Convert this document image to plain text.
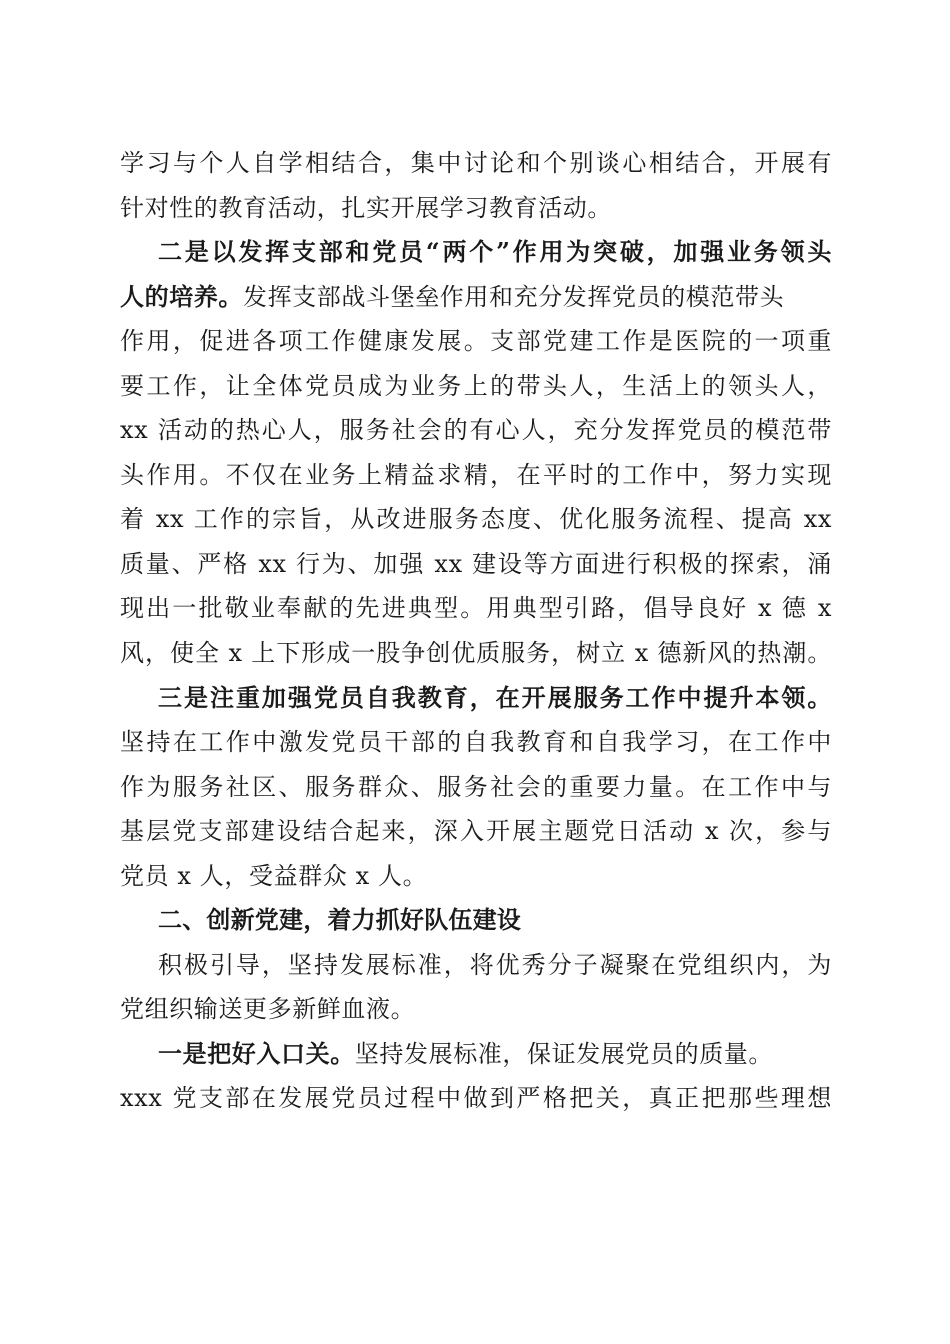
学习与个人自学相结合，集中讨论和个别谈心相结合，开展有
针对性的教育活动，扎实开展学习教育活动。
二是以发挥支部和党员“两个”作用为突破，加强业务领头
人的培养。发挥支部战斗堡垒作用和充分发挥党员的模范带头
作用，促进各项工作健康发展。支部党建工作是医院的一项重
要工作，让全体党员成为业务上的带头人，生活上的领头人，
xx 活动的热心人，服务社会的有心人，充分发挥党员的模范带
头作用。不仅在业务上精益求精，在平时的工作中，努力实现
着 xx 工作的宗旨，从改进服务态度、优化服务流程、提高 xx
质量、严格 xx 行为、加强 xx 建设等方面进行积极的探索，涌
现出一批敬业奉献的先进典型。用典型引路，倡导良好 x 德 x
风，使全 x 上下形成一股争创优质服务，树立 x 德新风的热潮。
三是注重加强党员自我教育，在开展服务工作中提升本领。
坚持在工作中激发党员干部的自我教育和自我学习，在工作中
作为服务社区、服务群众、服务社会的重要力量。在工作中与
基层党支部建设结合起来，深入开展主题党日活动 x 次，参与
党员 x 人，受益群众 x 人。
二、创新党建，着力抓好队伍建设
积极引导，坚持发展标准，将优秀分子凝聚在党组织内，为
党组织输送更多新鲜血液。
一是把好入口关。坚持发展标准，保证发展党员的质量。
xxx 党支部在发展党员过程中做到严格把关，真正把那些理想
